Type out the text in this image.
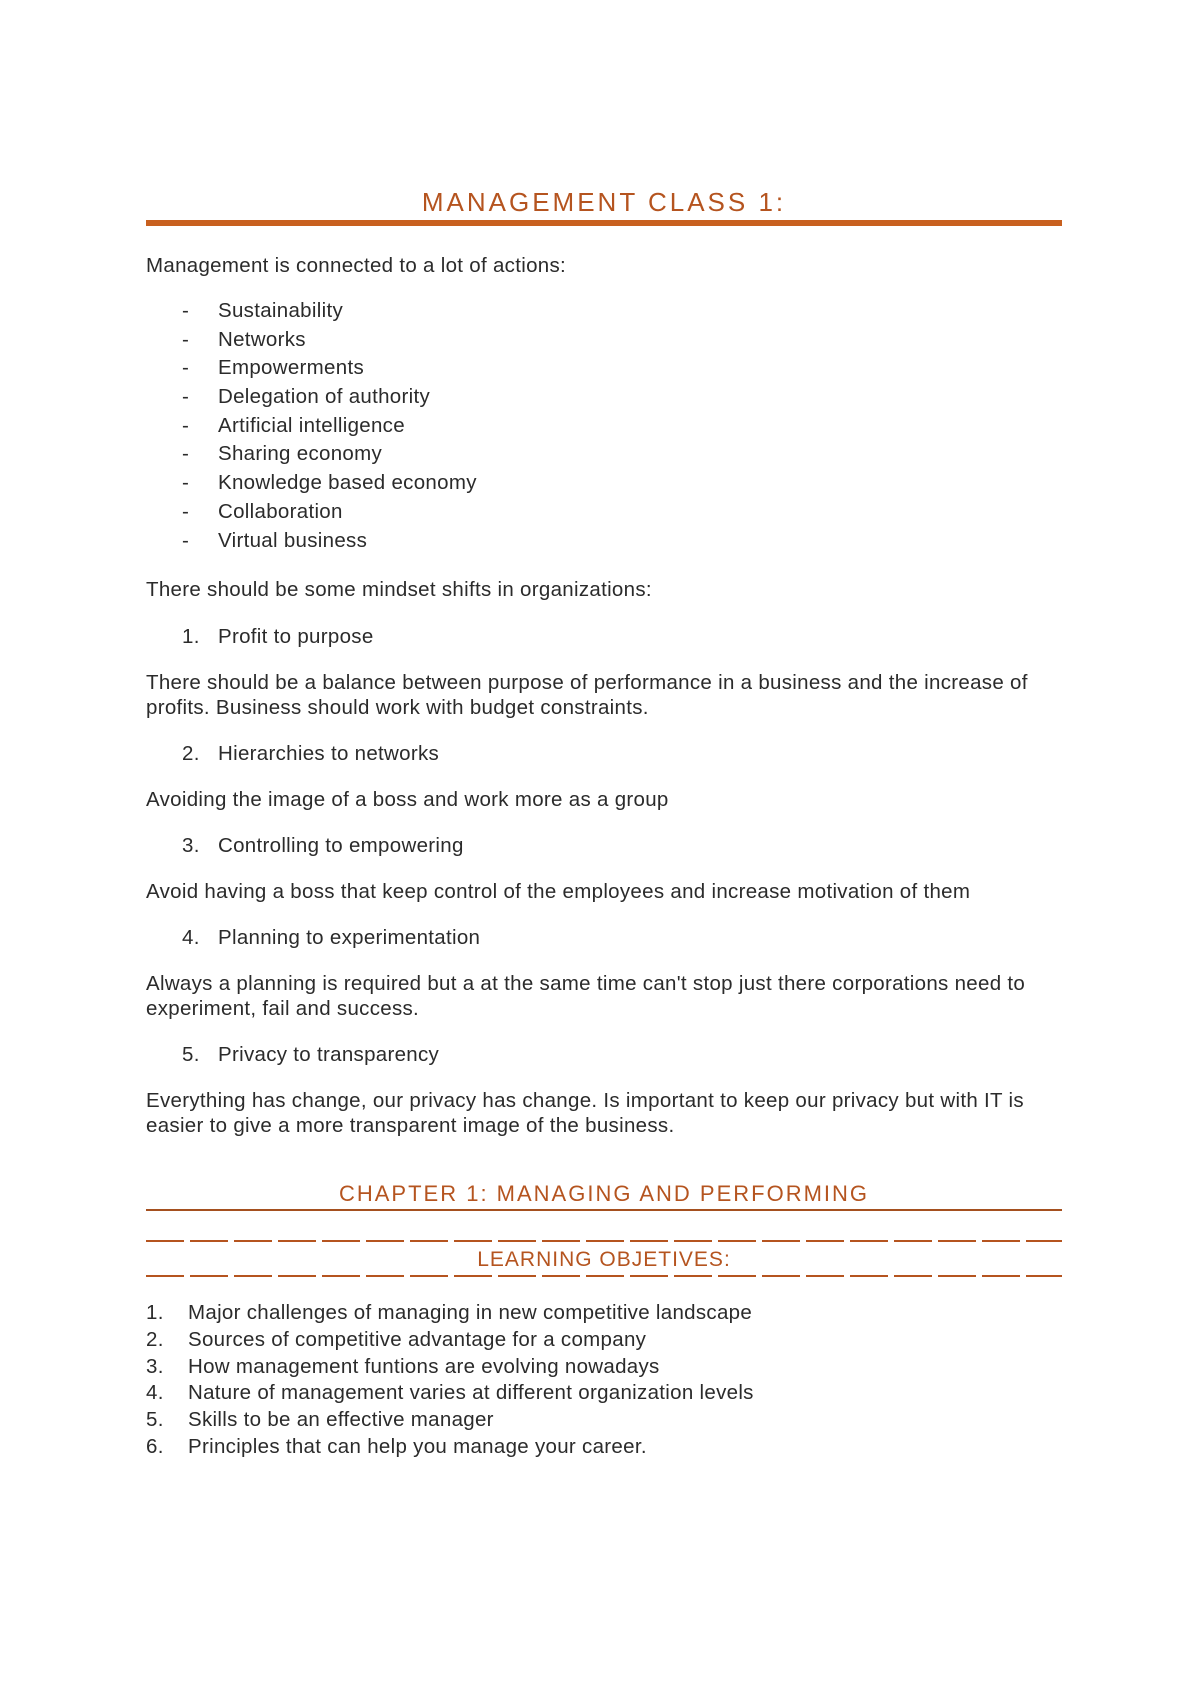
MANAGEMENT CLASS 1:
Management is connected to a lot of actions:
-	Sustainability
-	Networks
-	Empowerments
-	Delegation of authority
-	Artificial intelligence
-	Sharing economy
-	Knowledge based economy
-	Collaboration
-	Virtual business
There should be some mindset shifts in organizations:
1. Profit to purpose
There should be a balance between purpose of performance in a business and the increase of profits. Business should work with budget constraints.
2. Hierarchies to networks
Avoiding the image of a boss and work more as a group
3. Controlling to empowering
Avoid having a boss that keep control of the employees and increase motivation of them
4. Planning to experimentation
Always a planning is required but a at the same time can't stop just there corporations need to experiment, fail and success.
5. Privacy to transparency
Everything has change, our privacy has change. Is important to keep our privacy but with IT is easier to give a more transparent image of the business.
CHAPTER 1: MANAGING AND PERFORMING
LEARNING OBJETIVES:
1. Major challenges of managing in new competitive landscape
2. Sources of competitive advantage for a company
3. How management funtions are evolving nowadays
4. Nature of management varies at different organization levels
5. Skills to be an effective manager
6. Principles that can help you manage your career.
